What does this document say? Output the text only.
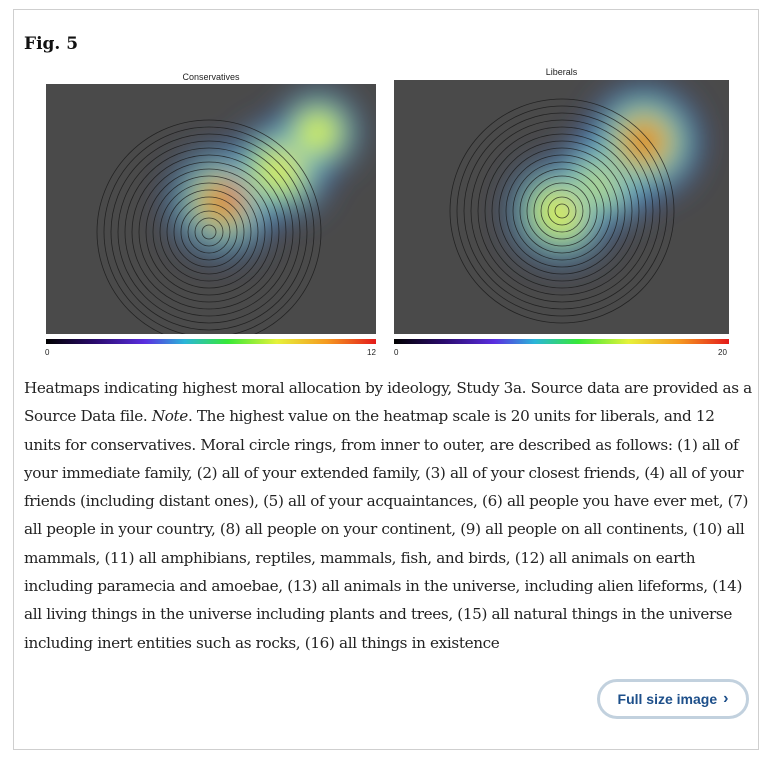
Fig. 5
Conservatives
0	12
Liberals
0	20
Heatmaps indicating highest moral allocation by ideology, Study 3a. Source data are provided as a Source Data file. Note. The highest value on the heatmap scale is 20 units for liberals, and 12 units for conservatives. Moral circle rings, from inner to outer, are described as follows: (1) all of your immediate family, (2) all of your extended family, (3) all of your closest friends, (4) all of your friends (including distant ones), (5) all of your acquaintances, (6) all people you have ever met, (7) all people in your country, (8) all people on your continent, (9) all people on all continents, (10) all mammals, (11) all amphibians, reptiles, mammals, fish, and birds, (12) all animals on earth including paramecia and amoebae, (13) all animals in the universe, including alien lifeforms, (14) all living things in the universe including plants and trees, (15) all natural things in the universe including inert entities such as rocks, (16) all things in existence
Full size image ›
